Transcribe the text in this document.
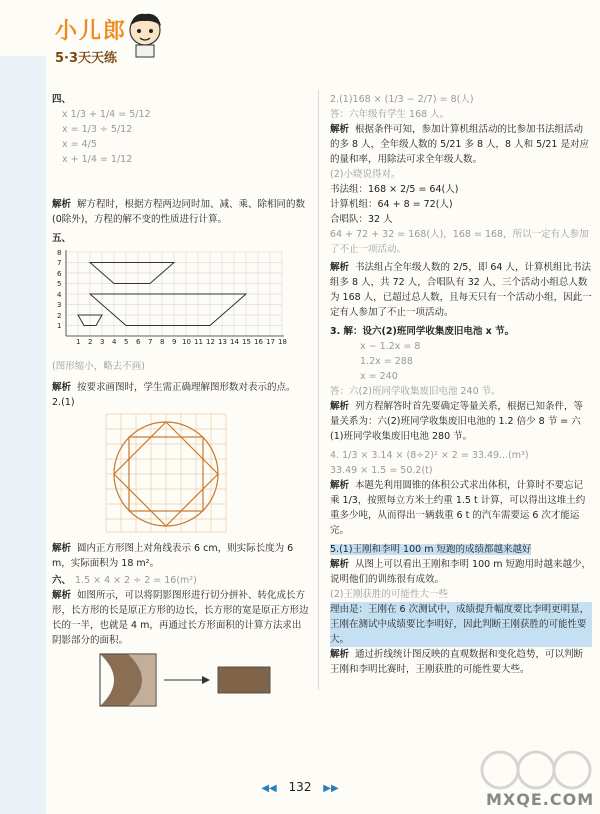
小儿郎
5·3天天练

四、

x 1/3 + 1/4 = 5/12

x = 1/3 ÷ 5/12

x = 4/5

x + 1/4 = 1/12

解析 解方程时，根据方程两边同时加、减、乘、除相同的数(0除外)，方程的解不变的性质进行计算。

五、

8
7
6
5
4
3
2
1
1 2 3 4 5 6 7 8 9 10 11 12 13 14 15 16 17 18

(图形缩小，略去不画)

解析 按要求画图时，学生需正确理解图形数对表示的点。

2.(1)

解析 圆内正方形图上对角线表示 6 cm，则实际长度为 6 m，实际面积为 18 m²。

六、 1.5 × 4 × 2 ÷ 2 = 16(m²)

解析 如图所示，可以将阴影图形进行切分拼补、转化成长方形，长方形的长是原正方形的边长，长方形的宽是原正方形边长的一半，也就是 4 m，再通过长方形面积的计算方法求出阴影部分的面积。

2.(1)168 × (1/3 − 2/7) = 8(人)

答：六年级有学生 168 人。

解析 根据条件可知，参加计算机组活动的比参加书法组活动的多 8 人，全年级人数的 5/21 多 8 人，8 人和 5/21 是对应的量和率，用除法可求全年级人数。

(2)小晓说得对。

书法组：168 × 2/5 = 64(人)

计算机组：64 + 8 = 72(人)

合唱队：32 人

64 + 72 + 32 = 168(人)，168 = 168，所以一定有人参加了不止一项活动。

解析 书法组占全年级人数的 2/5，即 64 人，计算机组比书法组多 8 人，共 72 人，合唱队有 32 人，三个活动小组总人数为 168 人，已超过总人数，且每天只有一个活动小组，因此一定有人参加了不止一项活动。

3. 解：设六(2)班同学收集废旧电池 x 节。

x − 1.2x = 8

1.2x = 288

x = 240

答：六(2)班同学收集废旧电池 240 节。

解析 列方程解答时首先要确定等量关系，根据已知条件，等量关系为：六(2)班同学收集废旧电池的 1.2 倍少 8 节 = 六(1)班同学收集废旧电池 280 节。

4. 1/3 × 3.14 × (8÷2)² × 2 = 33.49...(m³)

33.49 × 1.5 = 50.2(t)

解析 本题先利用圆锥的体积公式求出体积，计算时不要忘记乘 1/3，按照每立方米土约重 1.5 t 计算，可以得出这堆土约重多少吨，从而得出一辆载重 6 t 的汽车需要运 6 次才能运完。

5.(1)王刚和李明 100 m 短跑的成绩都越来越好

解析 从图上可以看出王刚和李明 100 m 短跑用时越来越少，说明他们的训练很有成效。

(2)王刚获胜的可能性大一些

理由是：王刚在 6 次测试中，成绩提升幅度要比李明更明显，王刚在测试中成绩要比李明好，因此判断王刚获胜的可能性要大。

解析 通过折线统计图反映的直观数据和变化趋势，可以判断王刚和李明比赛时，王刚获胜的可能性要大些。

◀◀ 132 ▶▶
MXQE.COM
